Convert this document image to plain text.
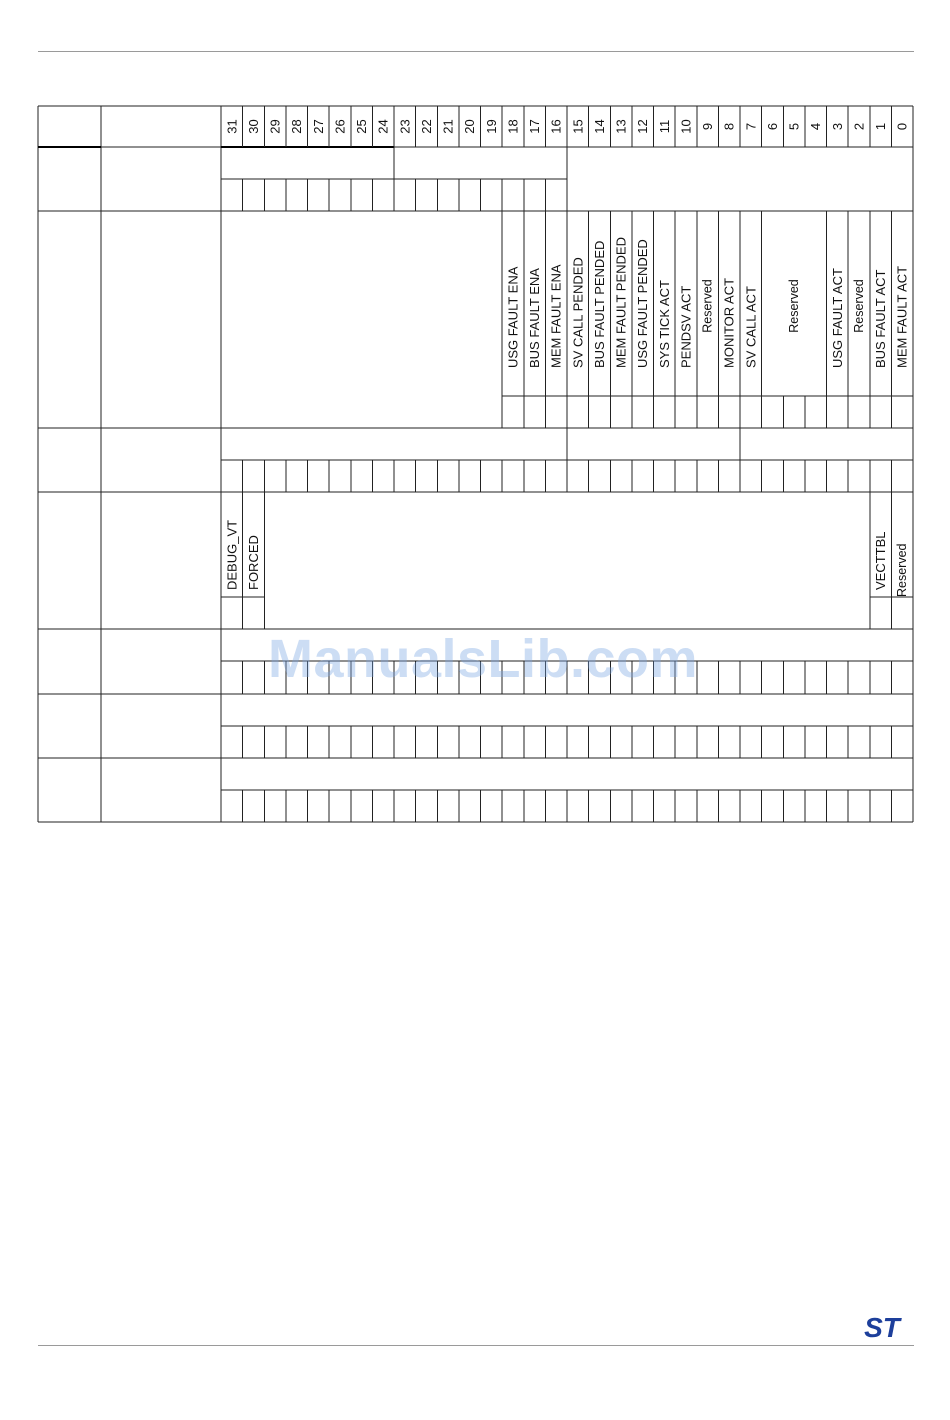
31 30 29 28 27 26 25 24 23 22 21 20 19 18 17 16 15 14 13 12 11 10 9 8 7 6 5 4 3 2 1 0
USG FAULT ENA BUS FAULT ENA MEM FAULT ENA SV CALL PENDED BUS FAULT PENDED MEM FAULT PENDED USG FAULT PENDED SYS TICK ACT PENDSV ACT Reserved MONITOR ACT SV CALL ACT Reserved USG FAULT ACT Reserved BUS FAULT ACT MEM FAULT ACT
DEBUG_VT FORCED	VECTTBL Reserved
ManualsLib.com
ST
